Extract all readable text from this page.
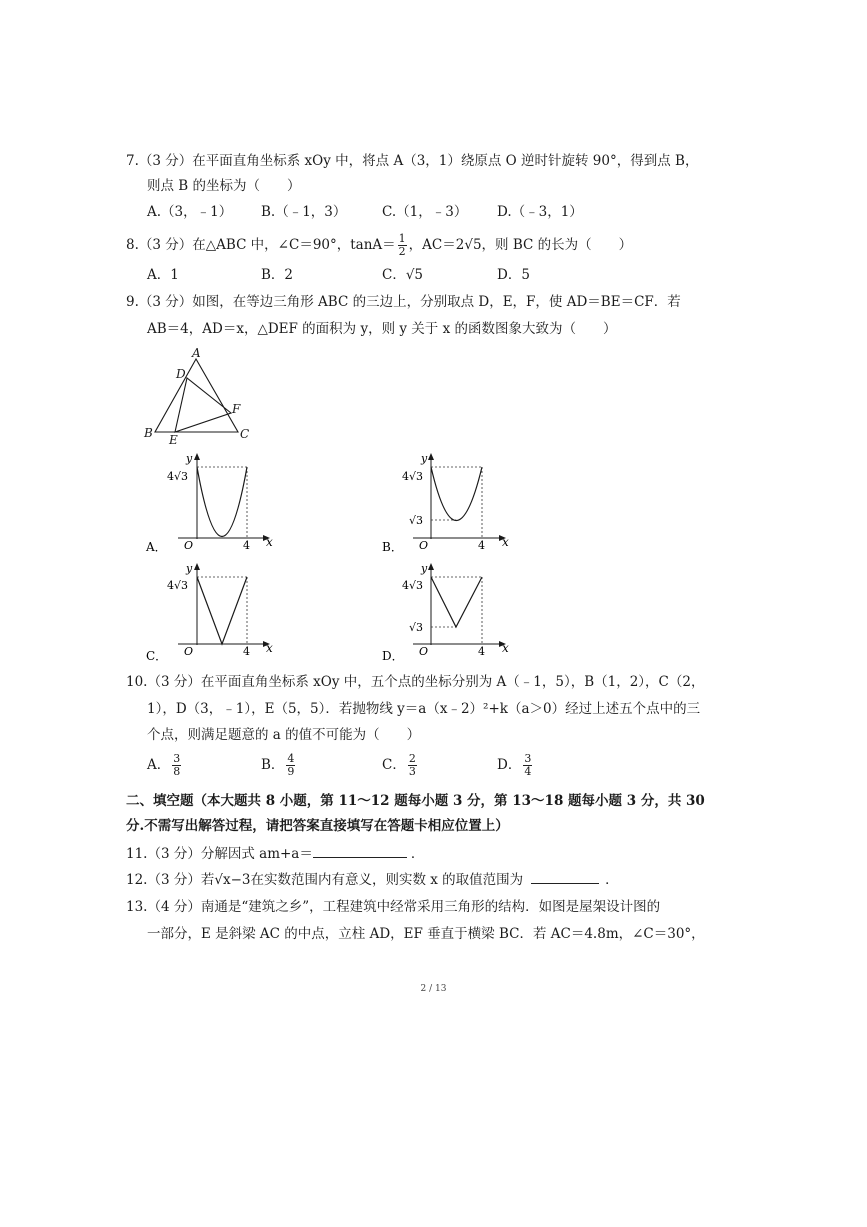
7.（3 分）在平面直角坐标系 xOy 中，将点 A（3，1）绕原点 O 逆时针旋转 90°，得到点 B，
则点 B 的坐标为（　　）
A.（3，﹣1） B.（﹣1，3）	C.（1，﹣3） D.（﹣3，1）
8.（3 分）在△ABC 中，∠C＝90°，$\tan A= \frac{1}{2}$ ，AC＝2√5，则 BC 的长为（　　）
A．1	B．2	C．√5	D．5
9.（3 分）如图，在等边三角形 ABC 的三边上，分别取点 D，E，F，使 AD＝BE＝CF．若
AB＝4，AD＝x，△DEF 的面积为 y，则 y 关于 x 的函数图象大致为（　　）
A
B	C
D
E
F
y
4√3
O	4 x
A．
y
4√3
√3
O	4 x
B．
y
4√3
O	4 x
C．
y
4√3
√3
O	4 x
D．
10.（3 分）在平面直角坐标系 xOy 中，五个点的坐标分别为 A（﹣1，5），B（1，2），C（2，
1），D（3，﹣1），E（5，5）．若抛物线 y＝a（x﹣2）²+k（a＞0）经过上述五个点中的三
个点，则满足题意的 a 的值不可能为（　　）
A． $\frac{3}{8}$	B． $\frac{4}{9}$	C． $\frac{2}{3}$	D． $\frac{3}{4}$
二、填空题（本大题共 8 小题，第 11～12 题每小题 3 分，第 13～18 题每小题 3 分，共 30
分.不需写出解答过程，请把答案直接填写在答题卡相应位置上）
11.（3 分）分解因式 am+a＝	．
12.（3 分）若√x−3在实数范围内有意义，则实数 x 的取值范围为	．
13.（4 分）南通是“建筑之乡”，工程建筑中经常采用三角形的结构．如图是屋架设计图的
一部分，E 是斜梁 AC 的中点，立柱 AD，EF 垂直于横梁 BC．若 AC＝4.8m，∠C＝30°，
2 / 13
